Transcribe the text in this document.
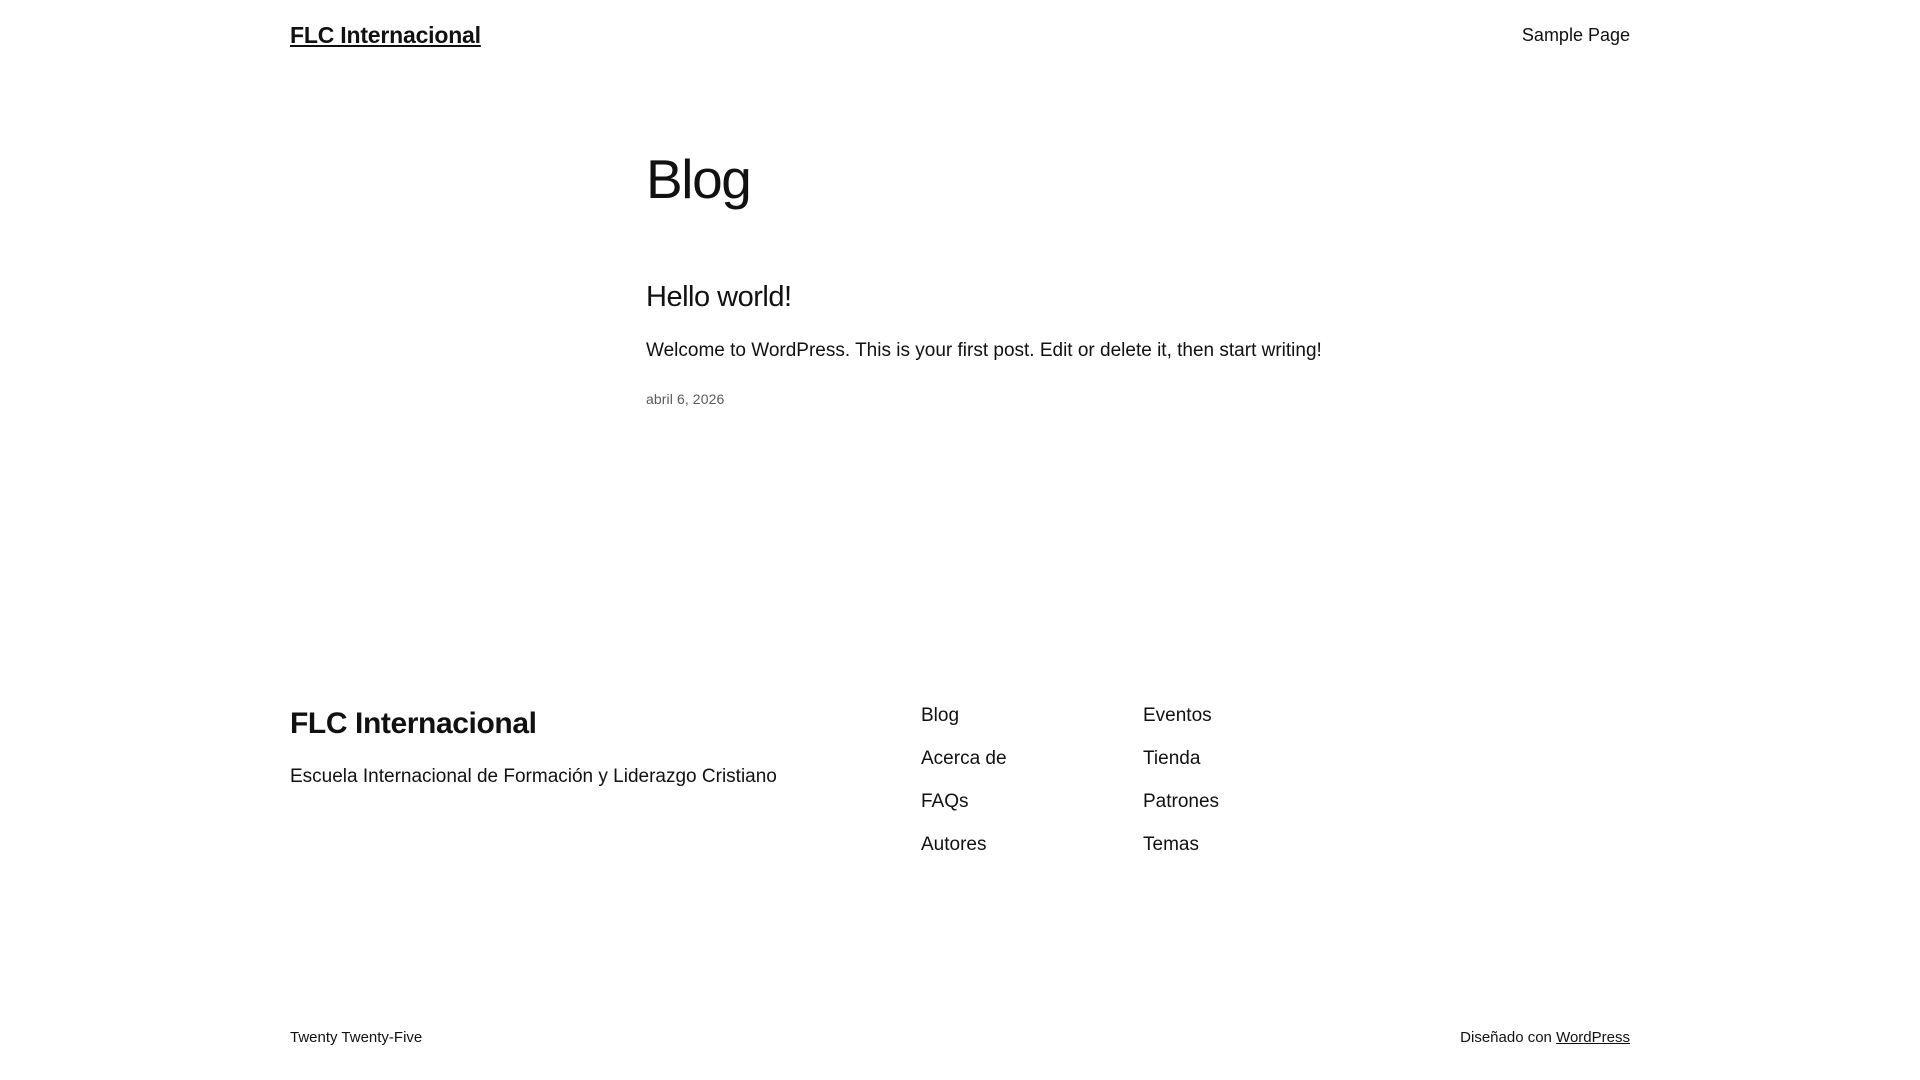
FLC Internacional	Sample Page
Blog
Hello world!

Welcome to WordPress. This is your first post. Edit or delete it, then start writing!

abril 6, 2026
FLC Internacional

Escuela Internacional de Formación y Liderazgo Cristiano

Blog
Acerca de
FAQs
Autores
Eventos
Tienda
Patrones
Temas
Twenty Twenty-Five	Diseñado con WordPress
